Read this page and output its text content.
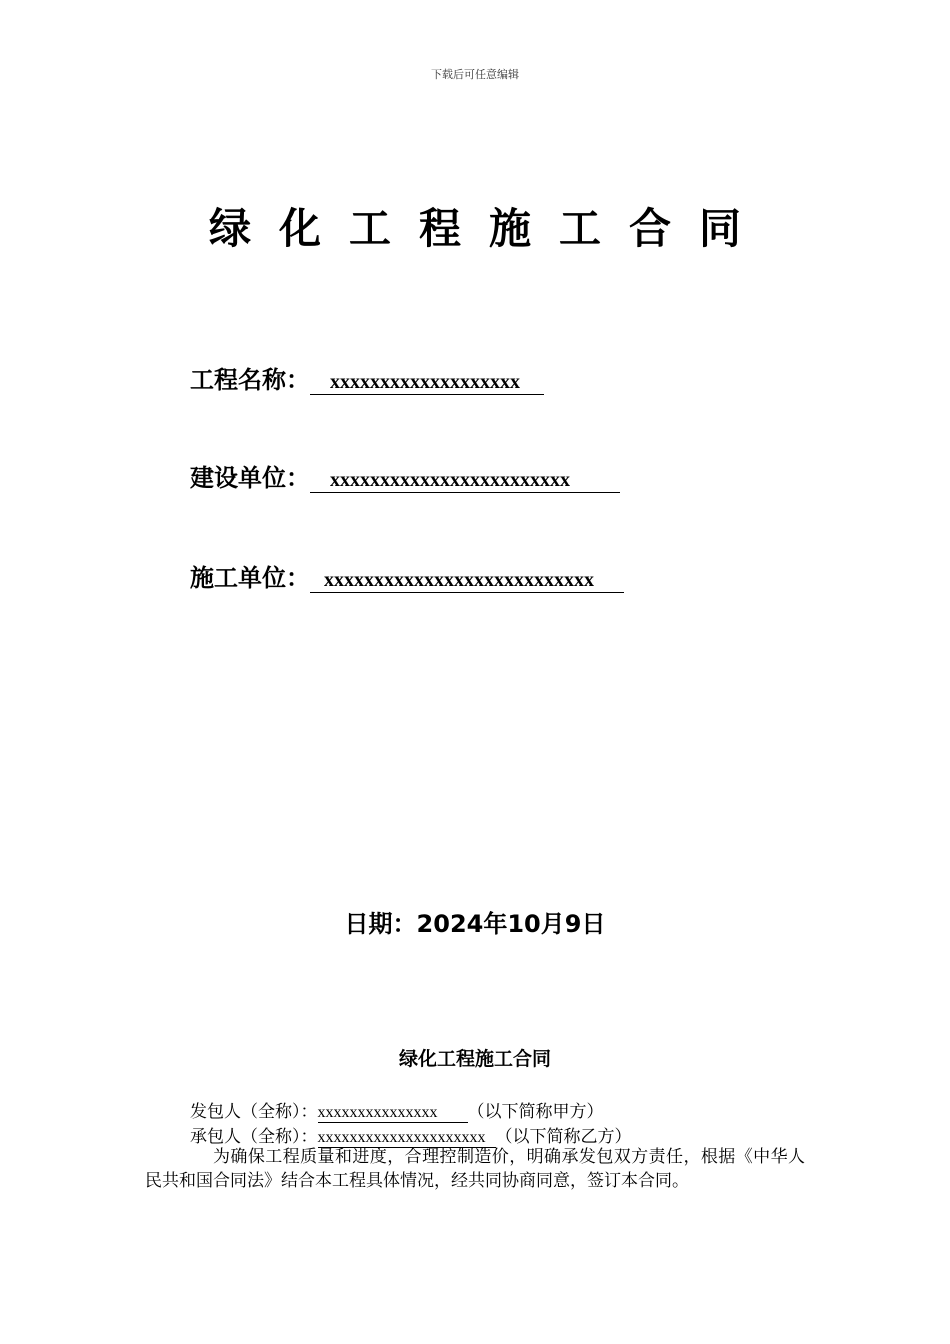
下载后可任意编辑
绿化工程施工合同
工程名称：	xxxxxxxxxxxxxxxxxxx
建设单位：	xxxxxxxxxxxxxxxxxxxxxxxx
施工单位： xxxxxxxxxxxxxxxxxxxxxxxxxxx
日期：2024年10月9日
绿化工程施工合同
发包人（全称）： xxxxxxxxxxxxxxx	（以下简称甲方）
承包人（全称）： xxxxxxxxxxxxxxxxxxxxx （以下简称乙方）
为确保工程质量和进度，合理控制造价，明确承发包双方责任，根据《中华人民共和国合同法》结合本工程具体情况，经共同协商同意，签订本合同。
